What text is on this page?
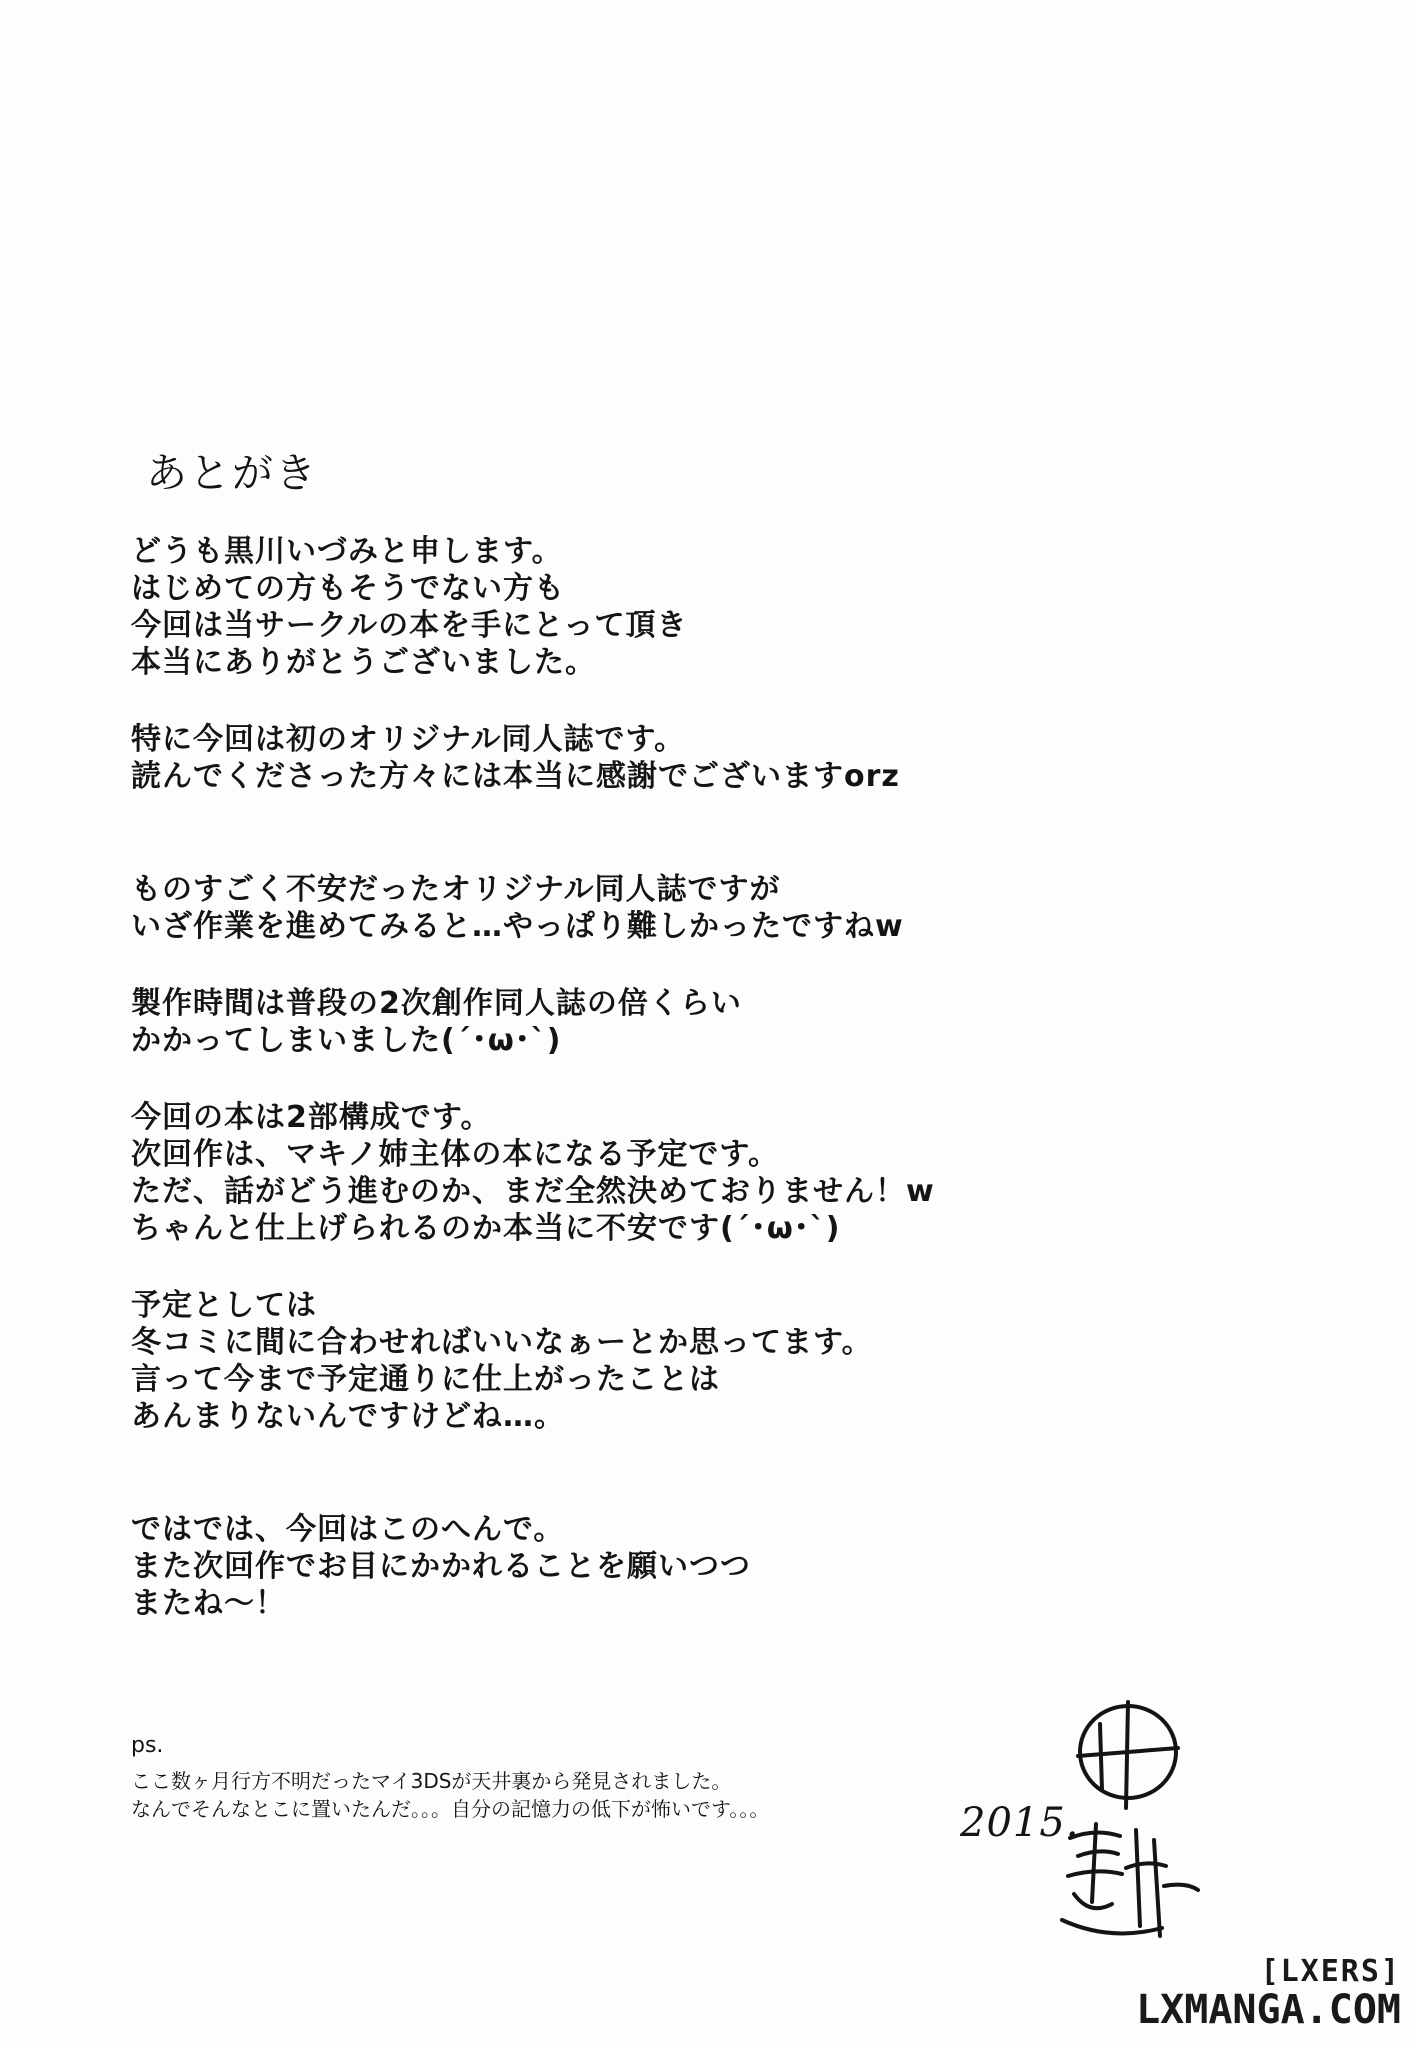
あとがき
どうも黒川いづみと申します。
はじめての方もそうでない方も
今回は当サークルの本を手にとって頂き
本当にありがとうございました。
特に今回は初のオリジナル同人誌です。
読んでくださった方々には本当に感謝でございますorz
ものすごく不安だったオリジナル同人誌ですが
いざ作業を進めてみると…やっぱり難しかったですねw
製作時間は普段の2次創作同人誌の倍くらい
かかってしまいました(´･ω･`)
今回の本は2部構成です。
次回作は、マキノ姉主体の本になる予定です。
ただ、話がどう進むのか、まだ全然決めておりません！w
ちゃんと仕上げられるのか本当に不安です(´･ω･`)
予定としては
冬コミに間に合わせればいいなぁーとか思ってます。
言って今まで予定通りに仕上がったことは
あんまりないんですけどね…。
ではでは、今回はこのへんで。
また次回作でお目にかかれることを願いつつ
またね～！
ps.
ここ数ヶ月行方不明だったマイ3DSが天井裏から発見されました。
なんでそんなとこに置いたんだ。。。自分の記憶力の低下が怖いです。。。	2015.
[LXERS]
LXMANGA.COM
